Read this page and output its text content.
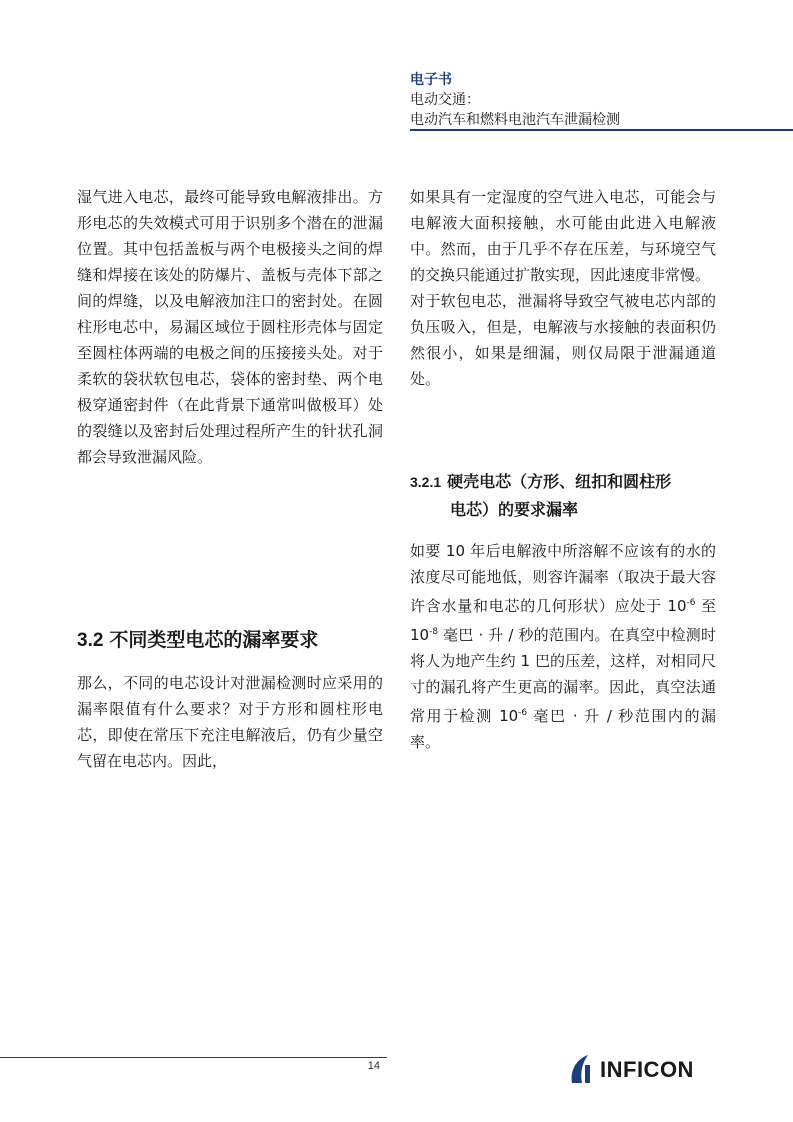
电子书
电动交通：
电动汽车和燃料电池汽车泄漏检测

湿气进入电芯，最终可能导致电解液排出。方形电芯的失效模式可用于识别多个潜在的泄漏位置。其中包括盖板与两个电极接头之间的焊缝和焊接在该处的防爆片、盖板与壳体下部之间的焊缝，以及电解液加注口的密封处。在圆柱形电芯中，易漏区域位于圆柱形壳体与固定至圆柱体两端的电极之间的压接接头处。对于柔软的袋状软包电芯，袋体的密封垫、两个电极穿通密封件（在此背景下通常叫做极耳）处的裂缝以及密封后处理过程所产生的针状孔洞都会导致泄漏风险。

3.2 不同类型电芯的漏率要求

那么，不同的电芯设计对泄漏检测时应采用的漏率限值有什么要求？对于方形和圆柱形电芯，即使在常压下充注电解液后，仍有少量空气留在电芯内。因此，

如果具有一定湿度的空气进入电芯，可能会与电解液大面积接触，水可能由此进入电解液中。然而，由于几乎不存在压差，与环境空气的交换只能通过扩散实现，因此速度非常慢。

对于软包电芯，泄漏将导致空气被电芯内部的负压吸入，但是，电解液与水接触的表面积仍然很小，如果是细漏，则仅局限于泄漏通道处。

3.2.1 硬壳电芯（方形、纽扣和圆柱形
电芯）的要求漏率

如要 10 年后电解液中所溶解不应该有的水的浓度尽可能地低，则容许漏率（取决于最大容许含水量和电芯的几何形状）应处于 $10^{-6}$ 至 $10^{-8}$ 毫巴 · 升 / 秒的范围内。在真空中检测时将人为地产生约 1 巴的压差，这样，对相同尺寸的漏孔将产生更高的漏率。因此，真空法通常用于检测 $10^{-6}$ 毫巴 · 升 / 秒范围内的漏率。

14	INFICON
